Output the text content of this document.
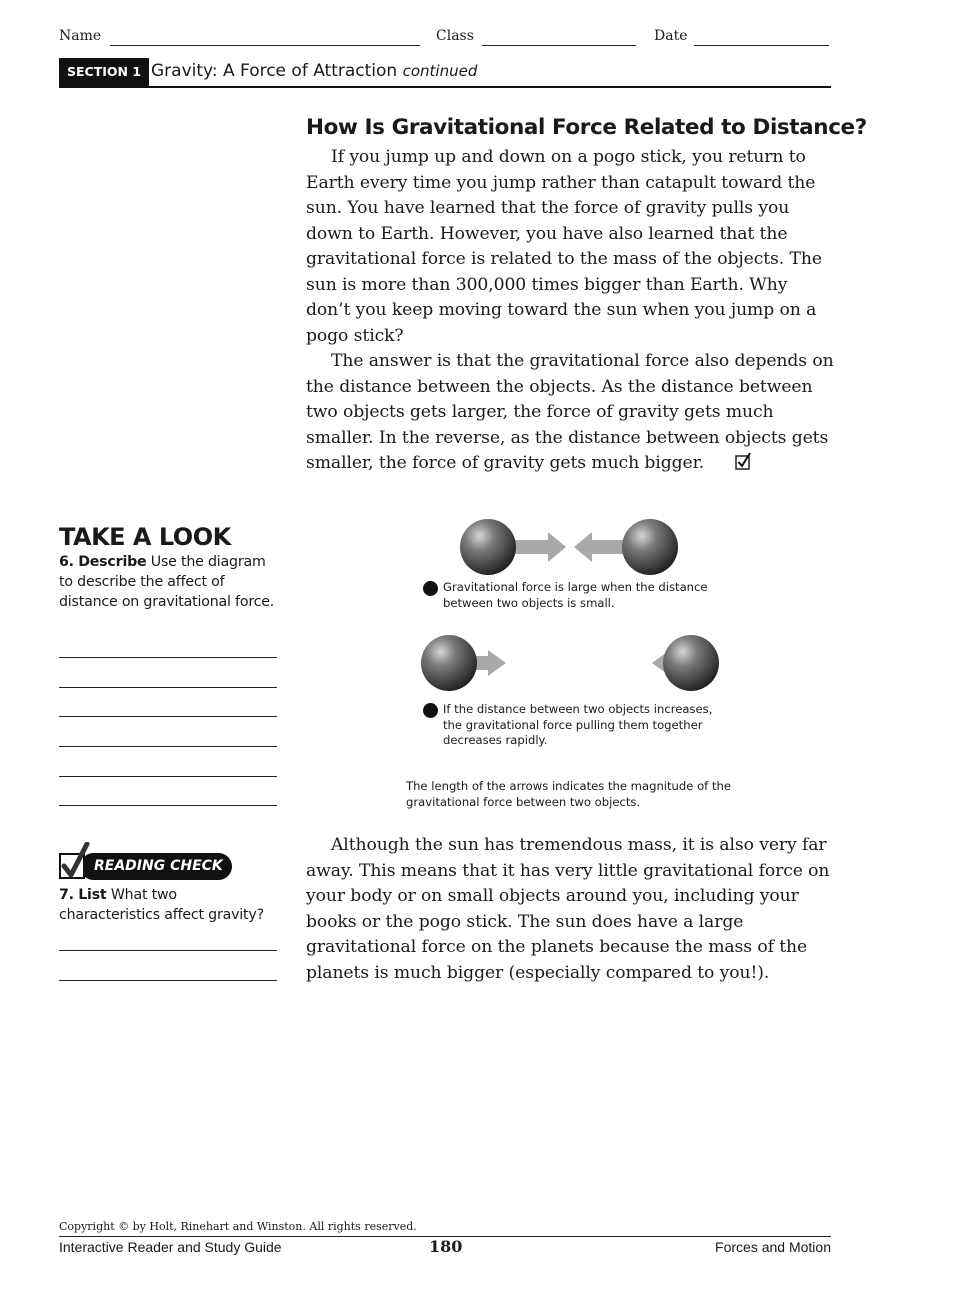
Name	Class	Date
SECTION 1 Gravity: A Force of Attraction continued
How Is Gravitational Force Related to Distance?

If you jump up and down on a pogo stick, you return to Earth every time you jump rather than catapult toward the sun. You have learned that the force of gravity pulls you down to Earth. However, you have also learned that the gravitational force is related to the mass of the objects. The sun is more than 300,000 times bigger than Earth. Why don’t you keep moving toward the sun when you jump on a pogo stick?

The answer is that the gravitational force also depends on the distance between the objects. As the distance between two objects gets larger, the force of gravity gets much smaller. In the reverse, as the distance between objects gets smaller, the force of gravity gets much bigger.

Although the sun has tremendous mass, it is also very far away. This means that it has very little gravitational force on your body or on small objects around you, including your books or the pogo stick. The sun does have a large gravitational force on the planets because the mass of the planets is much bigger (especially compared to you!).

Gravitational force is large when the distance between two objects is small.
If the distance between two objects increases, the gravitational force pulling them together decreases rapidly.
The length of the arrows indicates the magnitude of the gravitational force between two objects.
TAKE A LOOK
6. Describe Use the diagram to describe the affect of distance on gravitational force.
READING CHECK
7. List What two characteristics affect gravity?
Copyright © by Holt, Rinehart and Winston. All rights reserved.
Interactive Reader and Study Guide	180	Forces and Motion
